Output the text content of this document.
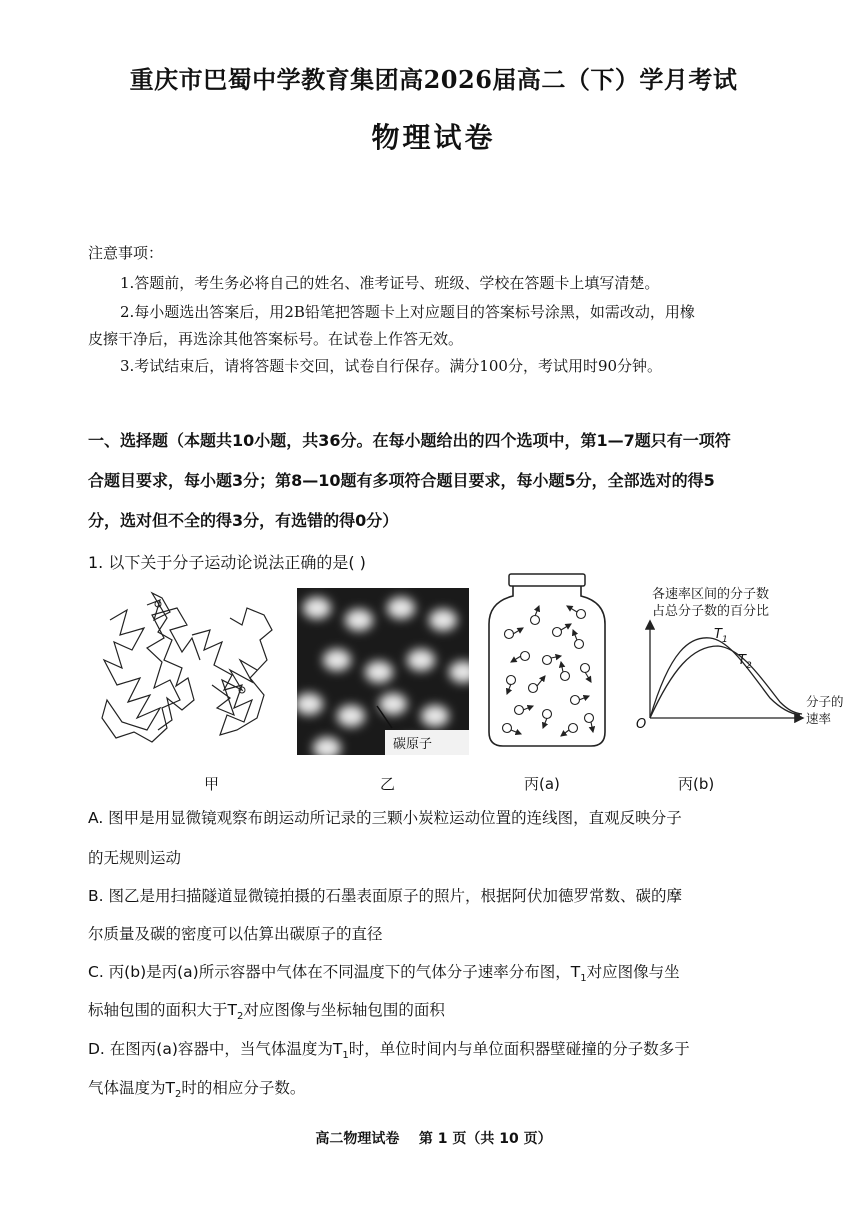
重庆市巴蜀中学教育集团高2026届高二（下）学月考试
物理试卷
注意事项：
1.答题前，考生务必将自己的姓名、准考证号、班级、学校在答题卡上填写清楚。
2.每小题选出答案后，用2B铅笔把答题卡上对应题目的答案标号涂黑，如需改动，用橡
皮擦干净后，再选涂其他答案标号。在试卷上作答无效。
3.考试结束后，请将答题卡交回，试卷自行保存。满分100分，考试用时90分钟。
一、选择题（本题共10小题，共36分。在每小题给出的四个选项中，第1—7题只有一项符
合题目要求，每小题3分；第8—10题有多项符合题目要求，每小题5分，全部选对的得5
分，选对但不全的得3分，有选错的得0分）
1. 以下关于分子运动论说法正确的是( )
碳原子
各速率区间的分子数
占总分子数的百分比
O
分子的
速率
$T_1$
$T_2$
甲	乙	丙(a)	丙(b)
A. 图甲是用显微镜观察布朗运动所记录的三颗小炭粒运动位置的连线图，直观反映分子
的无规则运动
B. 图乙是用扫描隧道显微镜拍摄的石墨表面原子的照片，根据阿伏加德罗常数、碳的摩
尔质量及碳的密度可以估算出碳原子的直径
C. 丙(b)是丙(a)所示容器中气体在不同温度下的气体分子速率分布图，$T_1$对应图像与坐
标轴包围的面积大于$T_2$对应图像与坐标轴包围的面积
D. 在图丙(a)容器中，当气体温度为$T_1$时，单位时间内与单位面积器壁碰撞的分子数多于
气体温度为$T_2$时的相应分子数。
高二物理试卷    第 1 页（共 10 页）
